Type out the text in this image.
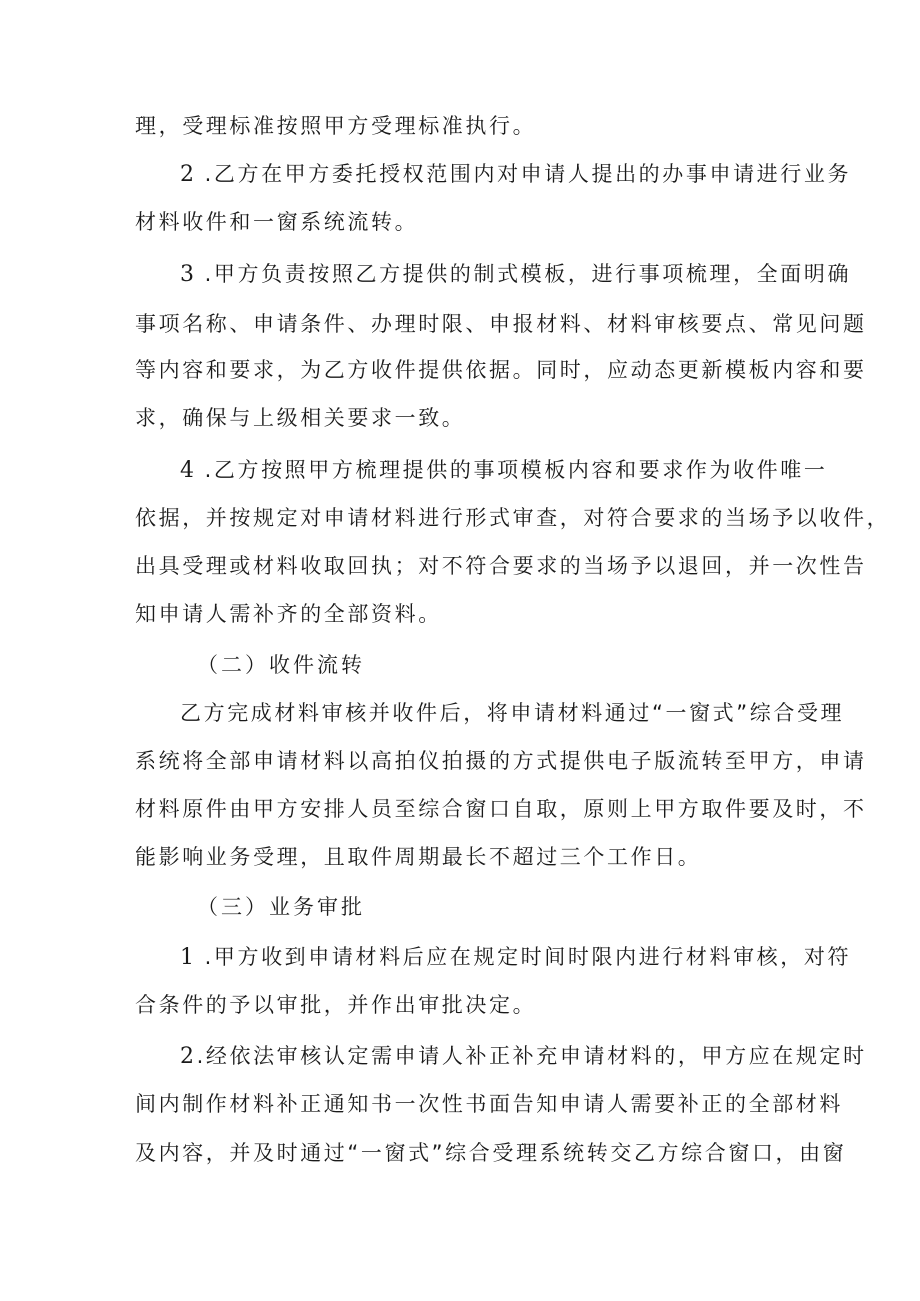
理，受理标准按照甲方受理标准执行。
2 .乙方在甲方委托授权范围内对申请人提出的办事申请进行业务
材料收件和一窗系统流转。
3 .甲方负责按照乙方提供的制式模板，进行事项梳理，全面明确
事项名称、申请条件、办理时限、申报材料、材料审核要点、常见问题
等内容和要求，为乙方收件提供依据。同时，应动态更新模板内容和要
求，确保与上级相关要求一致。
4 .乙方按照甲方梳理提供的事项模板内容和要求作为收件唯一
依据，并按规定对申请材料进行形式审查，对符合要求的当场予以收件，
出具受理或材料收取回执；对不符合要求的当场予以退回，并一次性告
知申请人需补齐的全部资料。
（二）收件流转
乙方完成材料审核并收件后，将申请材料通过“一窗式”综合受理
系统将全部申请材料以高拍仪拍摄的方式提供电子版流转至甲方，申请
材料原件由甲方安排人员至综合窗口自取，原则上甲方取件要及时，不
能影响业务受理，且取件周期最长不超过三个工作日。
（三）业务审批
1 .甲方收到申请材料后应在规定时间时限内进行材料审核，对符
合条件的予以审批，并作出审批决定。
2.经依法审核认定需申请人补正补充申请材料的，甲方应在规定时
间内制作材料补正通知书一次性书面告知申请人需要补正的全部材料
及内容，并及时通过“一窗式”综合受理系统转交乙方综合窗口，由窗
